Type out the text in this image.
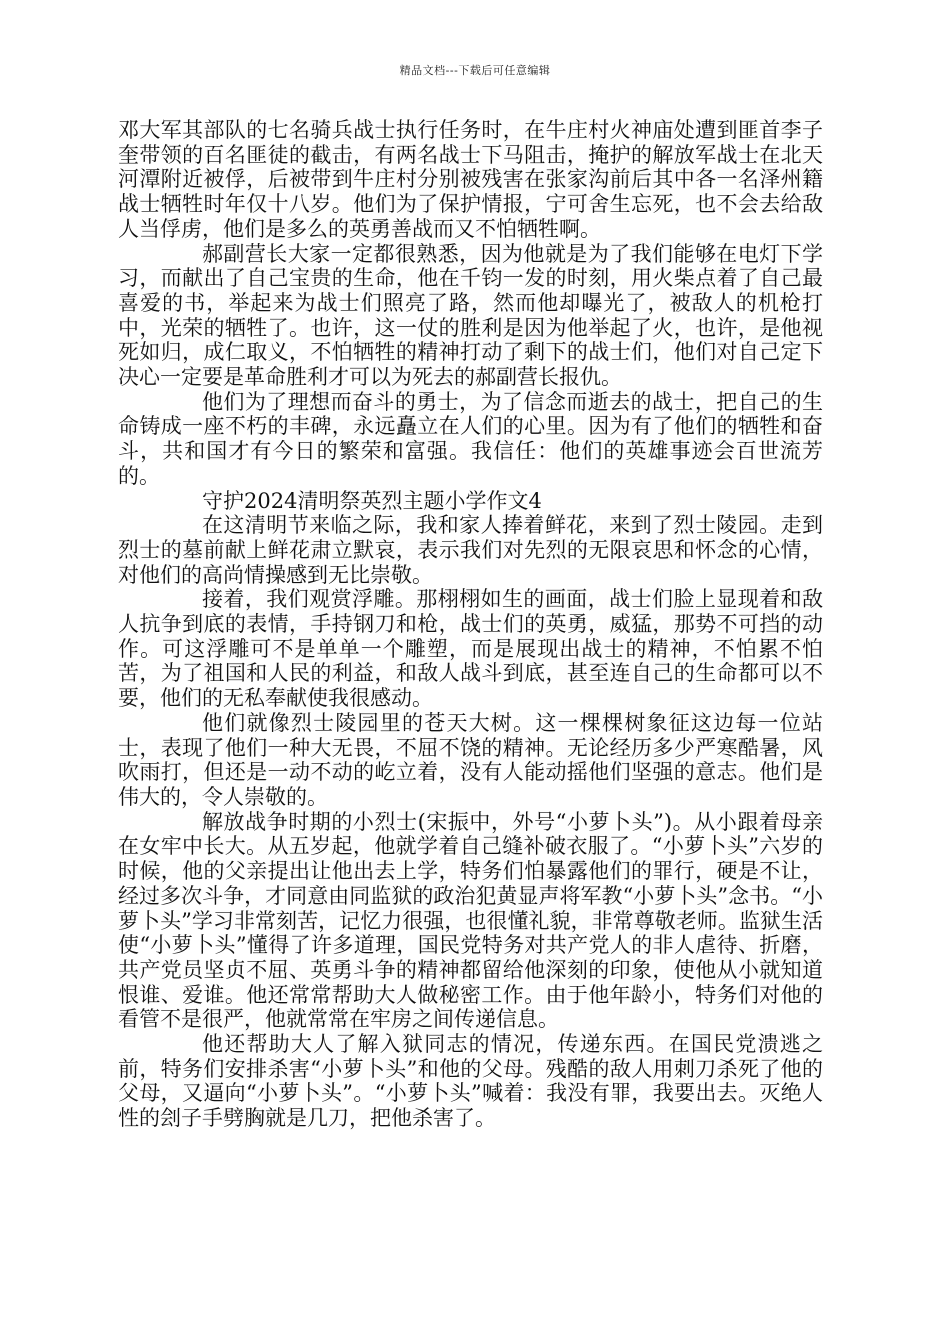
精品文档---下载后可任意编辑

邓大军其部队的七名骑兵战士执行任务时，在牛庄村火神庙处遭到匪首李子奎带领的百名匪徒的截击，有两名战士下马阻击，掩护的解放军战士在北天河潭附近被俘，后被带到牛庄村分别被残害在张家沟前后其中各一名泽州籍战士牺牲时年仅十八岁。他们为了保护情报，宁可舍生忘死，也不会去给敌人当俘虏，他们是多么的英勇善战而又不怕牺牲啊。

郝副营长大家一定都很熟悉，因为他就是为了我们能够在电灯下学习，而献出了自己宝贵的生命，他在千钧一发的时刻，用火柴点着了自己最喜爱的书，举起来为战士们照亮了路，然而他却曝光了，被敌人的机枪打中，光荣的牺牲了。也许，这一仗的胜利是因为他举起了火，也许，是他视死如归，成仁取义，不怕牺牲的精神打动了剩下的战士们，他们对自己定下决心一定要是革命胜利才可以为死去的郝副营长报仇。

他们为了理想而奋斗的勇士，为了信念而逝去的战士，把自己的生命铸成一座不朽的丰碑，永远矗立在人们的心里。因为有了他们的牺牲和奋斗，共和国才有今日的繁荣和富强。我信任：他们的英雄事迹会百世流芳的。

守护2024清明祭英烈主题小学作文4

在这清明节来临之际，我和家人捧着鲜花，来到了烈士陵园。走到烈士的墓前献上鲜花肃立默哀，表示我们对先烈的无限哀思和怀念的心情，对他们的高尚情操感到无比崇敬。

接着，我们观赏浮雕。那栩栩如生的画面，战士们脸上显现着和敌人抗争到底的表情，手持钢刀和枪，战士们的英勇，威猛，那势不可挡的动作。可这浮雕可不是单单一个雕塑，而是展现出战士的精神，不怕累不怕苦，为了祖国和人民的利益，和敌人战斗到底，甚至连自己的生命都可以不要，他们的无私奉献使我很感动。

他们就像烈士陵园里的苍天大树。这一棵棵树象征这边每一位站士，表现了他们一种大无畏，不屈不饶的精神。无论经历多少严寒酷暑，风吹雨打，但还是一动不动的屹立着，没有人能动摇他们坚强的意志。他们是伟大的，令人崇敬的。

解放战争时期的小烈士(宋振中，外号“小萝卜头”)。从小跟着母亲在女牢中长大。从五岁起，他就学着自己缝补破衣服了。“小萝卜头”六岁的时候，他的父亲提出让他出去上学，特务们怕暴露他们的罪行，硬是不让，经过多次斗争，才同意由同监狱的政治犯黄显声将军教“小萝卜头”念书。“小萝卜头”学习非常刻苦，记忆力很强，也很懂礼貌，非常尊敬老师。监狱生活使“小萝卜头”懂得了许多道理，国民党特务对共产党人的非人虐待、折磨，共产党员坚贞不屈、英勇斗争的精神都留给他深刻的印象，使他从小就知道恨谁、爱谁。他还常常帮助大人做秘密工作。由于他年龄小，特务们对他的看管不是很严，他就常常在牢房之间传递信息。

他还帮助大人了解入狱同志的情况，传递东西。在国民党溃逃之前，特务们安排杀害“小萝卜头”和他的父母。残酷的敌人用刺刀杀死了他的父母，又逼向“小萝卜头”。“小萝卜头”喊着：我没有罪，我要出去。灭绝人性的刽子手劈胸就是几刀，把他杀害了。
